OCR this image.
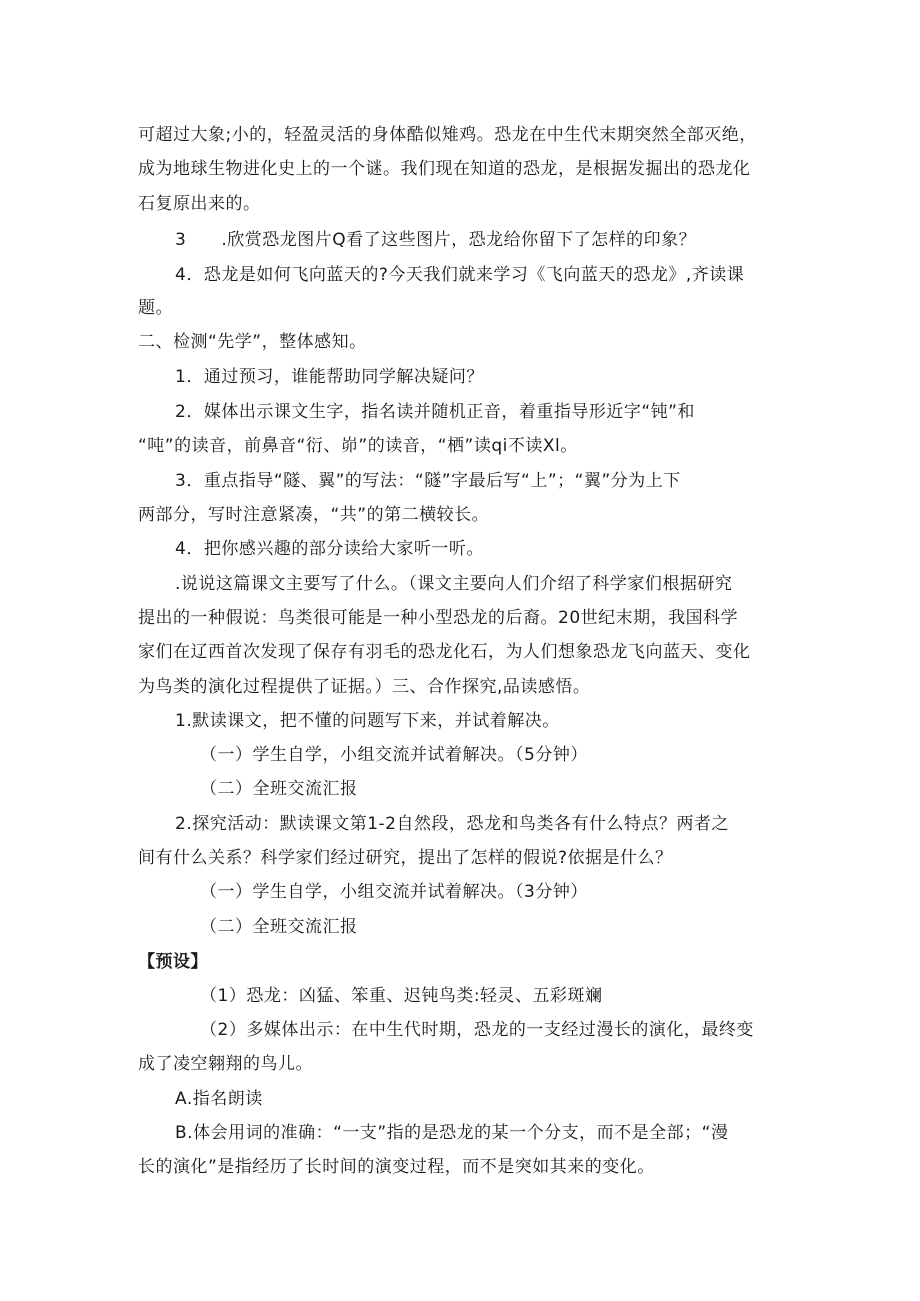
可超过大象;小的，轻盈灵活的身体酷似雉鸡。恐龙在中生代末期突然全部灭绝，
成为地球生物进化史上的一个谜。我们现在知道的恐龙，是根据发掘出的恐龙化
石复原出来的。
3　　.欣赏恐龙图片Q看了这些图片，恐龙给你留下了怎样的印象？
4．恐龙是如何飞向蓝天的?今天我们就来学习《飞向蓝天的恐龙》,齐读课
题。
二、检测“先学”，整体感知。
1．通过预习，谁能帮助同学解决疑问？
2．媒体出示课文生字，指名读并随机正音，着重指导形近字“钝”和
“吨”的读音，前鼻音“衍、峁”的读音，“栖”读qi不读Xl。
3．重点指导“隧、翼”的写法：“隧”字最后写“上”；“翼”分为上下
两部分，写时注意紧凑，“共”的第二横较长。
4．把你感兴趣的部分读给大家听一听。
.说说这篇课文主要写了什么。（课文主要向人们介绍了科学家们根据研究
提出的一种假说：鸟类很可能是一种小型恐龙的后裔。20世纪末期，我国科学
家们在辽西首次发现了保存有羽毛的恐龙化石，为人们想象恐龙飞向蓝天、变化
为鸟类的演化过程提供了证据。）三、合作探究,品读感悟。
1.默读课文，把不懂的问题写下来，并试着解决。
（一）学生自学，小组交流并试着解决。（5分钟）
（二）全班交流汇报
2.探究活动：默读课文第1-2自然段，恐龙和鸟类各有什么特点？两者之
间有什么关系？科学家们经过研究，提出了怎样的假说?依据是什么？
（一）学生自学，小组交流并试着解决。（3分钟）
（二）全班交流汇报
【预设】
（1）恐龙：凶猛、笨重、迟钝鸟类:轻灵、五彩斑斓
（2）多媒体出示：在中生代时期，恐龙的一支经过漫长的演化，最终变
成了凌空翱翔的鸟儿。
A.指名朗读
B.体会用词的准确：“一支”指的是恐龙的某一个分支，而不是全部；“漫
长的演化”是指经历了长时间的演变过程，而不是突如其来的变化。
